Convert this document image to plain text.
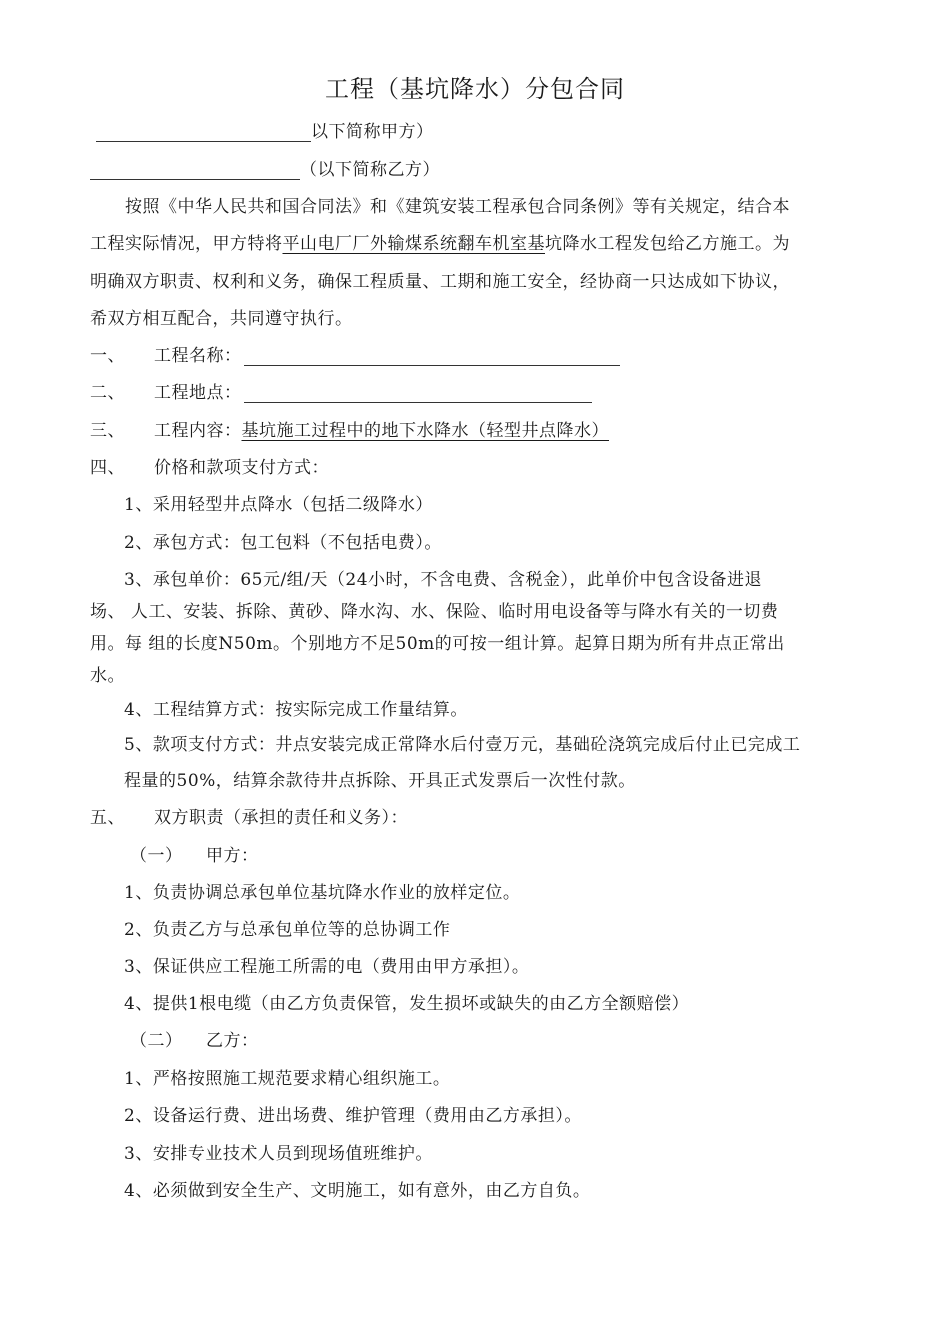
工程（基坑降水）分包合同
以下简称甲方）
（以下简称乙方）
按照《中华人民共和国合同法》和《建筑安装工程承包合同条例》等有关规定，结合本
工程实际情况，甲方特将平山电厂厂外输煤系统翻车机室基坑降水工程发包给乙方施工。为
明确双方职责、权利和义务，确保工程质量、工期和施工安全，经协商一只达成如下协议，
希双方相互配合，共同遵守执行。
一、 工程名称：
二、 工程地点：
三、 工程内容：基坑施工过程中的地下水降水（轻型井点降水）
四、 价格和款项支付方式：
1、采用轻型井点降水（包括二级降水）
2、承包方式：包工包料（不包括电费）。
3、承包单价：65元/组/天（24小时，不含电费、含税金），此单价中包含设备进退
场、 人工、安装、拆除、黄砂、降水沟、水、保险、临时用电设备等与降水有关的一切费
用。每 组的长度N50m。个别地方不足50m的可按一组计算。起算日期为所有井点正常出
水。
4、工程结算方式：按实际完成工作量结算。
5、款项支付方式：井点安装完成正常降水后付壹万元，基础砼浇筑完成后付止已完成工
程量的50%，结算余款待井点拆除、开具正式发票后一次性付款。
五、 双方职责（承担的责任和义务）：
（一） 甲方：
1、负责协调总承包单位基坑降水作业的放样定位。
2、负责乙方与总承包单位等的总协调工作
3、保证供应工程施工所需的电（费用由甲方承担）。
4、提供1根电缆（由乙方负责保管，发生损坏或缺失的由乙方全额赔偿）
（二） 乙方：
1、严格按照施工规范要求精心组织施工。
2、设备运行费、进出场费、维护管理（费用由乙方承担）。
3、安排专业技术人员到现场值班维护。
4、必须做到安全生产、文明施工，如有意外，由乙方自负。
